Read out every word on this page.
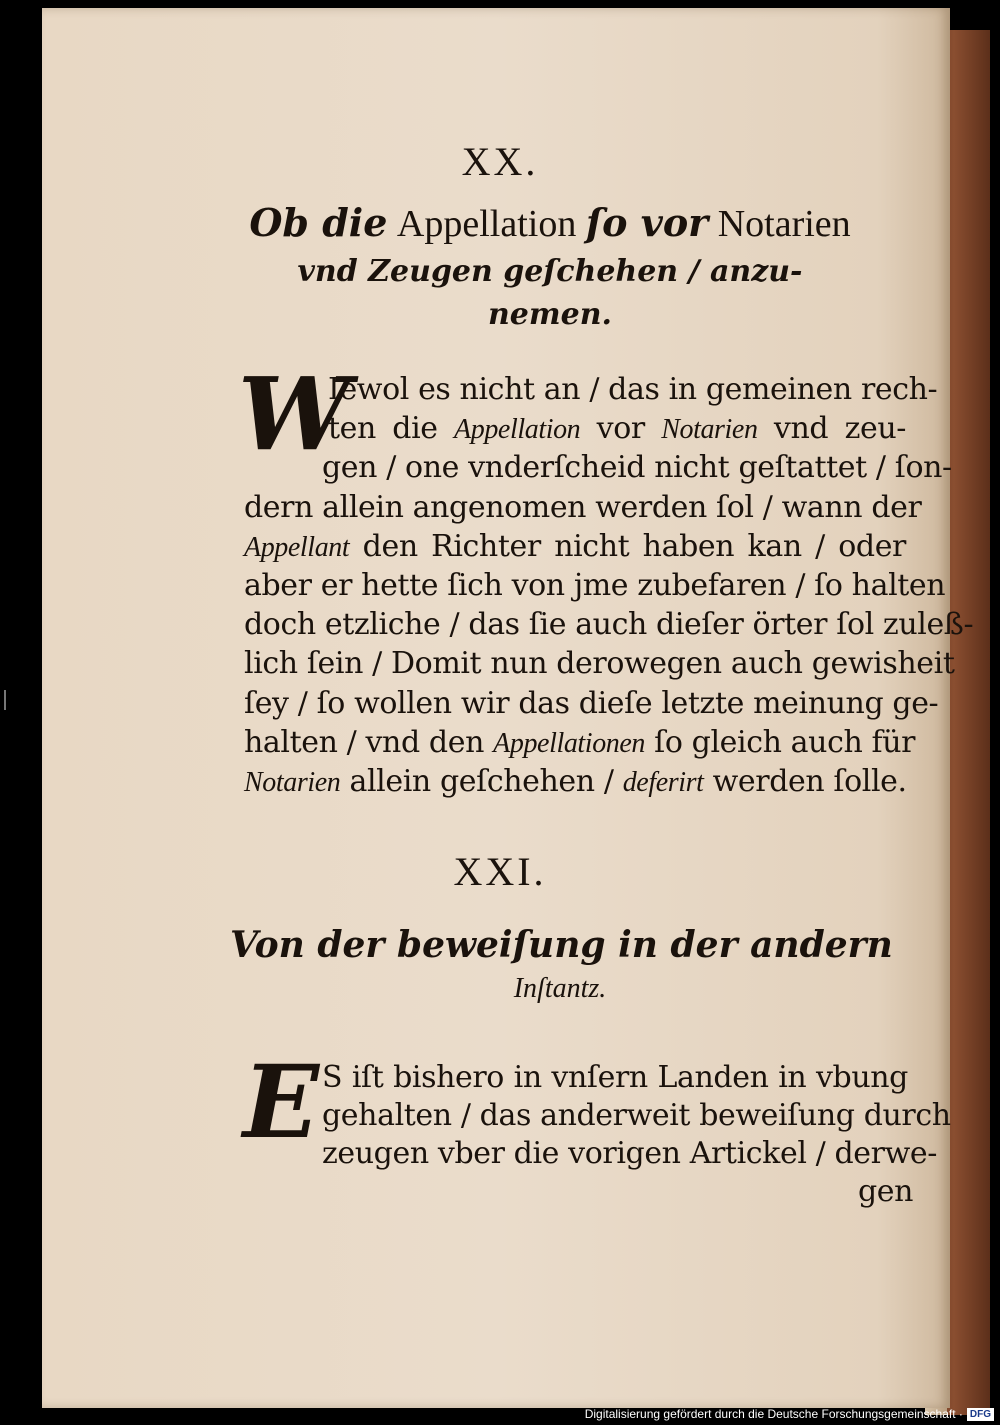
XX.
Ob die Appellation ſo vor Notarien
vnd Zeugen geſchehen / anzu-
nemen.
W
Iewol es nicht an / das in gemeinen rech-
ten die Appellation vor Notarien vnd zeu-
gen / one vnderſcheid nicht geſtattet / ſon-
dern allein angenomen werden ſol / wann der
Appellant den Richter nicht haben kan / oder
aber er hette ſich von jme zubefaren / ſo halten
doch etzliche / das ſie auch dieſer örter ſol zuleß-
lich ſein / Domit nun derowegen auch gewisheit
ſey / ſo wollen wir das dieſe letzte meinung ge-
halten / vnd den Appellationen ſo gleich auch für
Notarien allein geſchehen / deferirt werden ſolle.
XXI.
Von der beweiſung in der andern
Inſtantz.
E S iſt bishero in vnſern Landen in vbung
gehalten / das anderweit beweiſung durch
zeugen vber die vorigen Artickel / derwe-
gen
Digitalisierung gefördert durch die Deutsche Forschungsgemeinschaft · DFG
